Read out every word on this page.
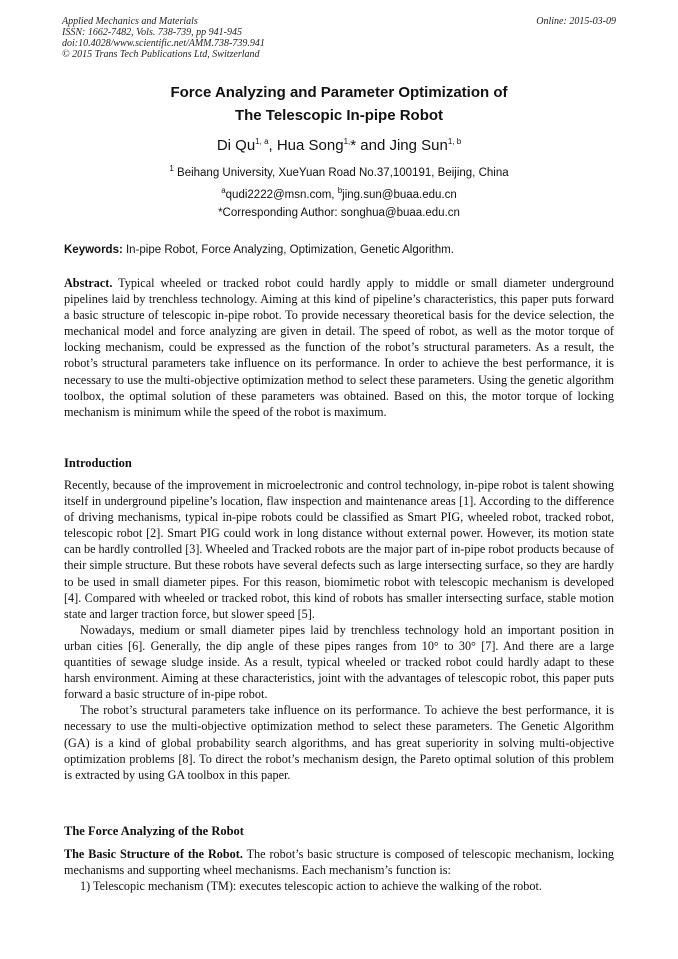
Applied Mechanics and Materials
ISSN: 1662-7482, Vols. 738-739, pp 941-945
doi:10.4028/www.scientific.net/AMM.738-739.941
© 2015 Trans Tech Publications Ltd, Switzerland
Online: 2015-03-09
Force Analyzing and Parameter Optimization of
The Telescopic In-pipe Robot
Di Qu$^{1, a}$, Hua Song$^{1,}$* and Jing Sun$^{1, b}$
$^1$ Beihang University, XueYuan Road No.37,100191, Beijing, China
$^a$qudi2222@msn.com, $^b$jing.sun@buaa.edu.cn
*Corresponding Author: songhua@buaa.edu.cn
Keywords: In-pipe Robot, Force Analyzing, Optimization, Genetic Algorithm.

Abstract. Typical wheeled or tracked robot could hardly apply to middle or small diameter underground pipelines laid by trenchless technology. Aiming at this kind of pipeline’s characteristics, this paper puts forward a basic structure of telescopic in-pipe robot. To provide necessary theoretical basis for the device selection, the mechanical model and force analyzing are given in detail. The speed of robot, as well as the motor torque of locking mechanism, could be expressed as the function of the robot’s structural parameters. As a result, the robot’s structural parameters take influence on its performance. In order to achieve the best performance, it is necessary to use the multi-objective optimization method to select these parameters. Using the genetic algorithm toolbox, the optimal solution of these parameters was obtained. Based on this, the motor torque of locking mechanism is minimum while the speed of the robot is maximum.

Introduction

Recently, because of the improvement in microelectronic and control technology, in-pipe robot is talent showing itself in underground pipeline’s location, flaw inspection and maintenance areas [1]. According to the difference of driving mechanisms, typical in-pipe robots could be classified as Smart PIG, wheeled robot, tracked robot, telescopic robot [2]. Smart PIG could work in long distance without external power. However, its motion state can be hardly controlled [3]. Wheeled and Tracked robots are the major part of in-pipe robot products because of their simple structure. But these robots have several defects such as large intersecting surface, so they are hardly to be used in small diameter pipes. For this reason, biomimetic robot with telescopic mechanism is developed [4]. Compared with wheeled or tracked robot, this kind of robots has smaller intersecting surface, stable motion state and larger traction force, but slower speed [5].

Nowadays, medium or small diameter pipes laid by trenchless technology hold an important position in urban cities [6]. Generally, the dip angle of these pipes ranges from 10° to 30° [7]. And there are a large quantities of sewage sludge inside. As a result, typical wheeled or tracked robot could hardly adapt to these harsh environment. Aiming at these characteristics, joint with the advantages of telescopic robot, this paper puts forward a basic structure of in-pipe robot.

The robot’s structural parameters take influence on its performance. To achieve the best performance, it is necessary to use the multi-objective optimization method to select these parameters. The Genetic Algorithm (GA) is a kind of global probability search algorithms, and has great superiority in solving multi-objective optimization problems [8]. To direct the robot’s mechanism design, the Pareto optimal solution of this problem is extracted by using GA toolbox in this paper.

The Force Analyzing of the Robot

The Basic Structure of the Robot. The robot’s basic structure is composed of telescopic mechanism, locking mechanisms and supporting wheel mechanisms. Each mechanism’s function is:

1) Telescopic mechanism (TM): executes telescopic action to achieve the walking of the robot.
